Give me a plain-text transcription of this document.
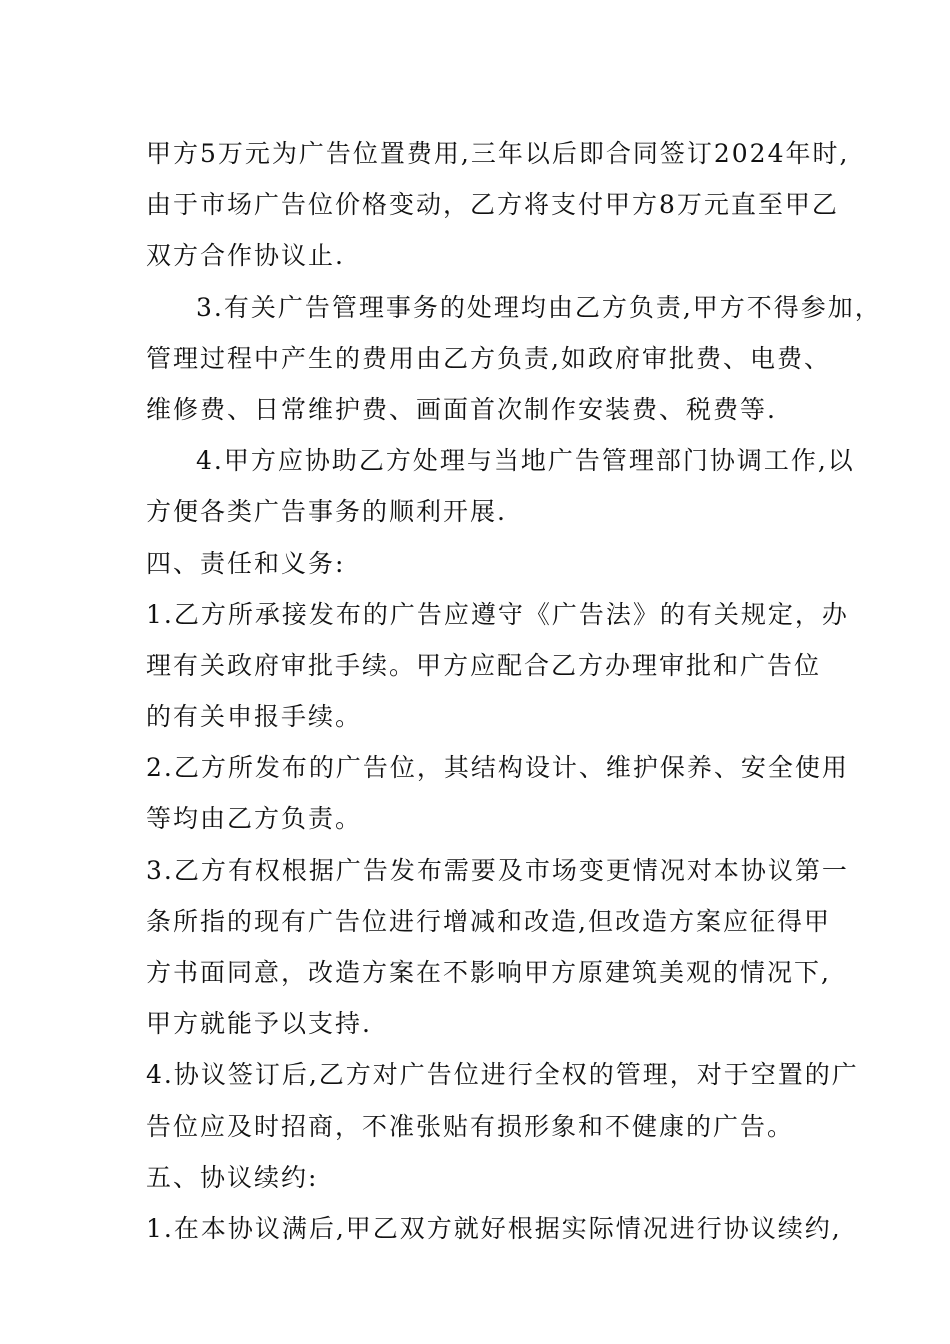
甲方5万元为广告位置费用,三年以后即合同签订2024年时,
由于市场广告位价格变动，乙方将支付甲方8万元直至甲乙
双方合作协议止.
3.有关广告管理事务的处理均由乙方负责,甲方不得参加，
管理过程中产生的费用由乙方负责,如政府审批费、电费、
维修费、日常维护费、画面首次制作安装费、税费等.
4.甲方应协助乙方处理与当地广告管理部门协调工作,以
方便各类广告事务的顺利开展.
四、责任和义务:
1.乙方所承接发布的广告应遵守《广告法》的有关规定，办
理有关政府审批手续。甲方应配合乙方办理审批和广告位
的有关申报手续。
2.乙方所发布的广告位，其结构设计、维护保养、安全使用
等均由乙方负责。
3.乙方有权根据广告发布需要及市场变更情况对本协议第一
条所指的现有广告位进行增减和改造,但改造方案应征得甲
方书面同意，改造方案在不影响甲方原建筑美观的情况下,
甲方就能予以支持.
4.协议签订后,乙方对广告位进行全权的管理，对于空置的广
告位应及时招商，不准张贴有损形象和不健康的广告。
五、协议续约:
1.在本协议满后,甲乙双方就好根据实际情况进行协议续约,
